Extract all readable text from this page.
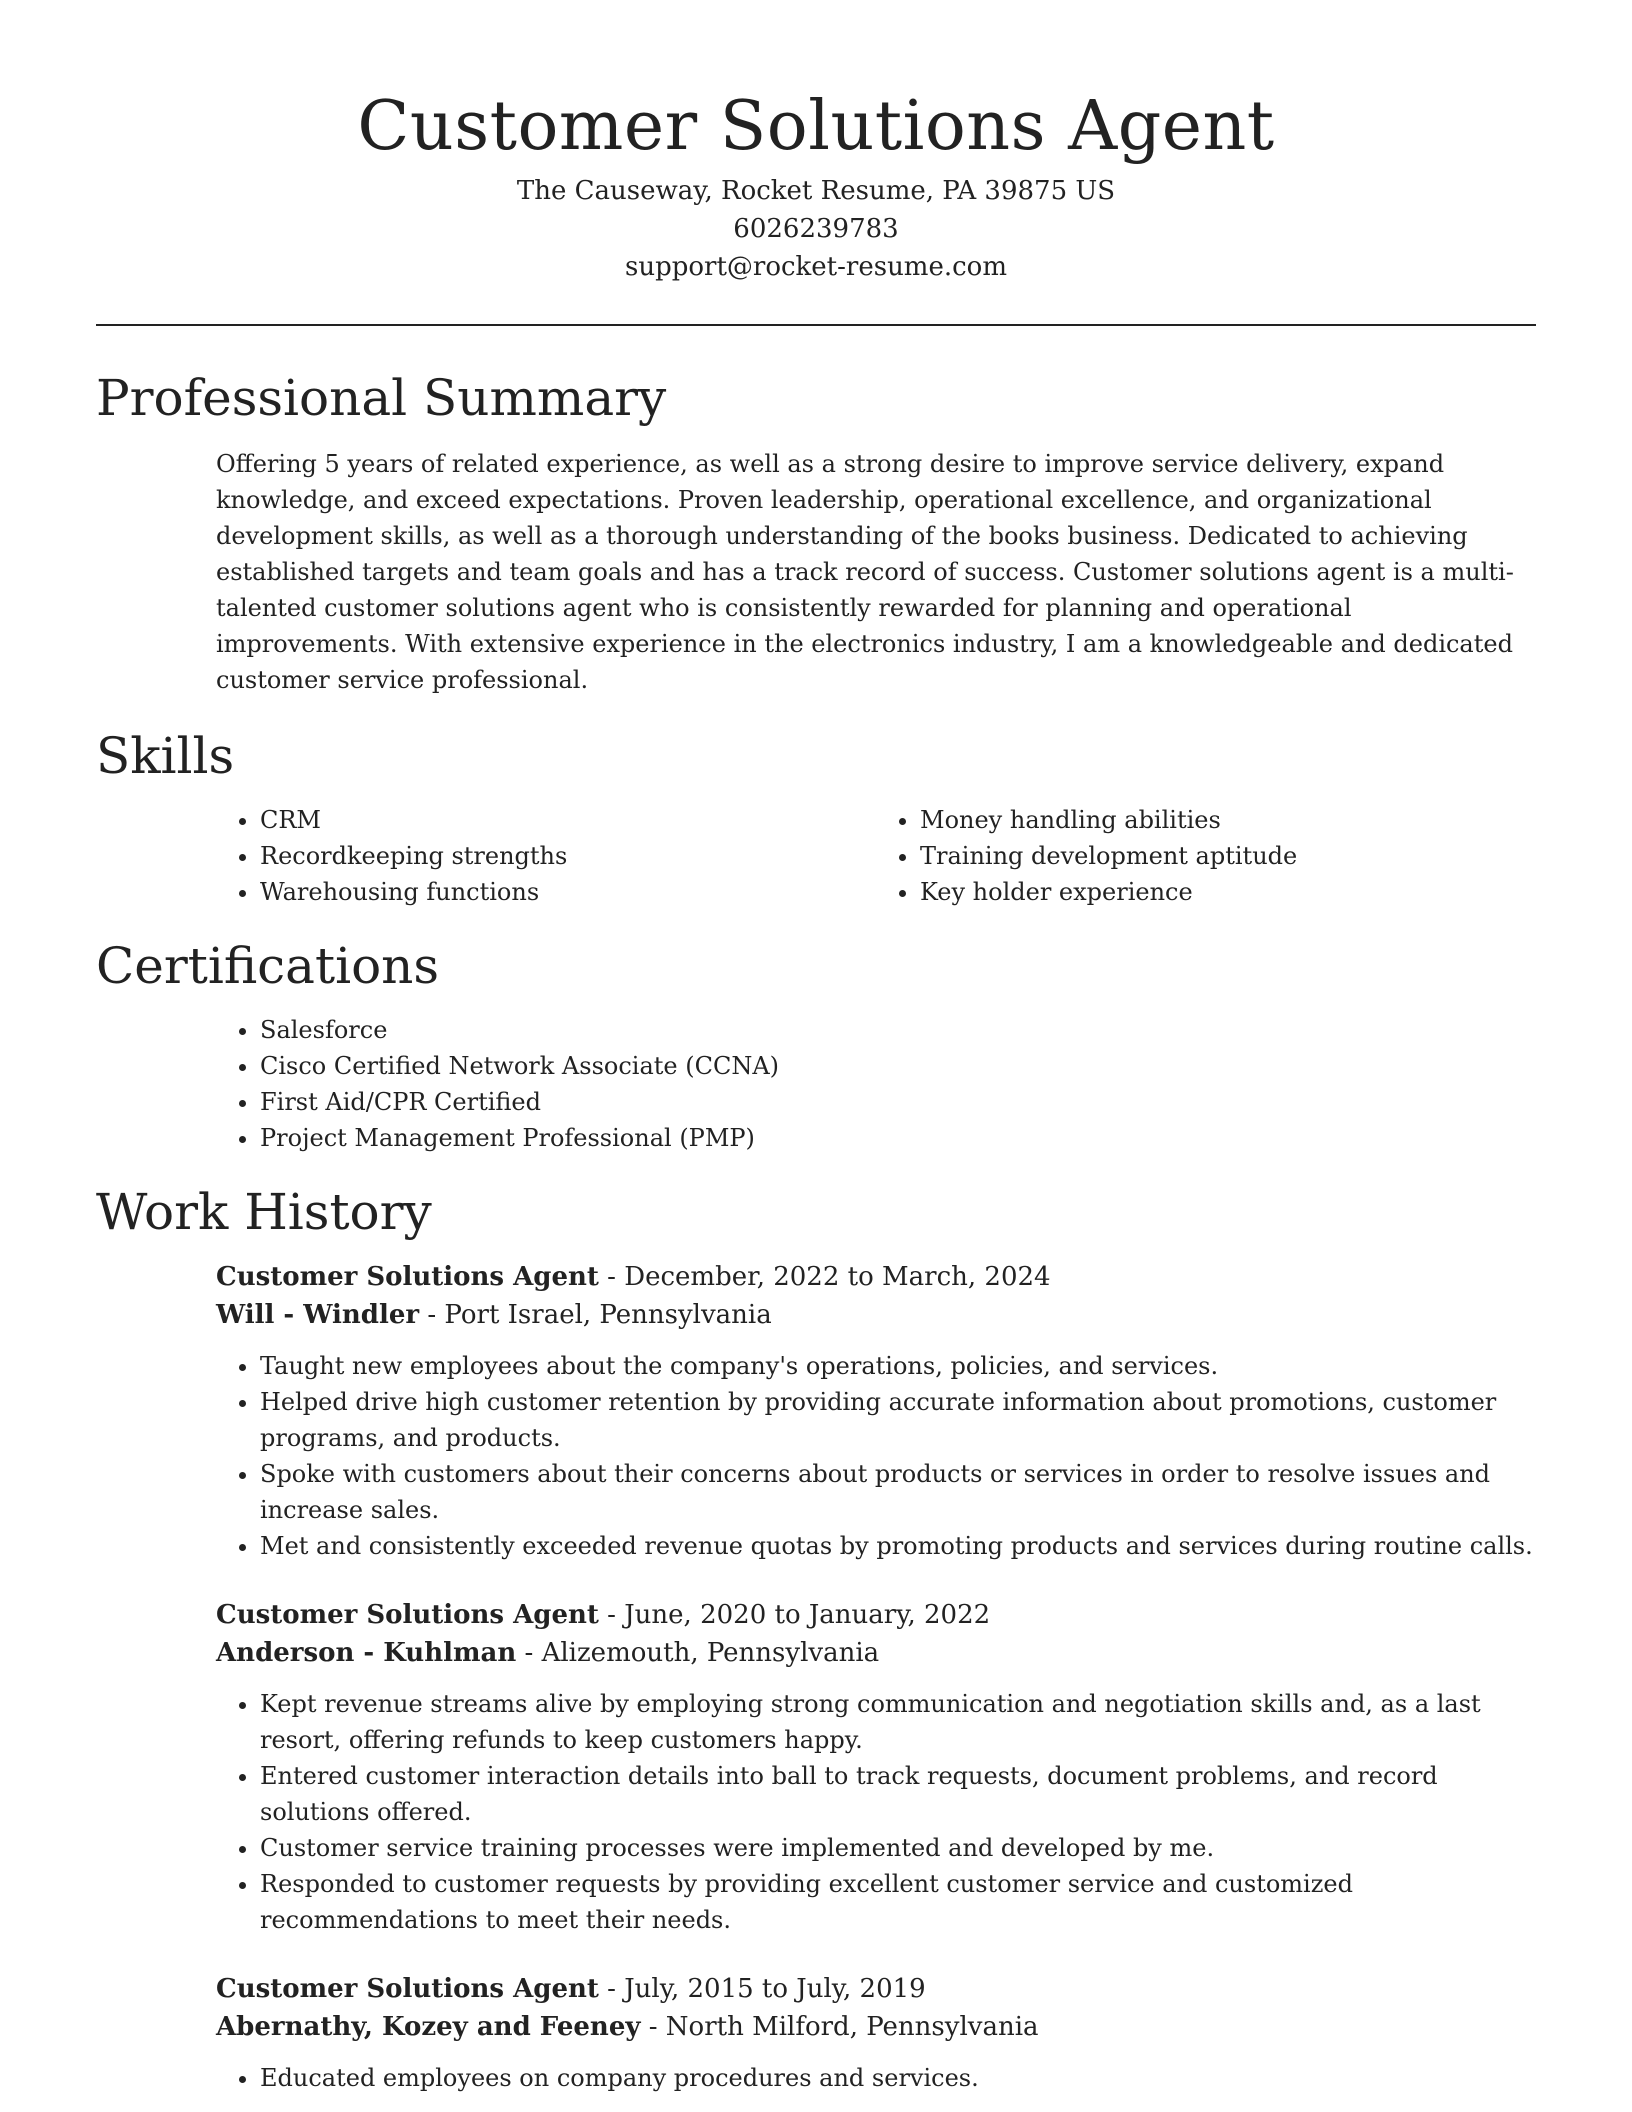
Customer Solutions Agent
The Causeway, Rocket Resume, PA 39875 US
6026239783
support@rocket-resume.com
Professional Summary
Offering 5 years of related experience, as well as a strong desire to improve service delivery, expand knowledge, and exceed expectations. Proven leadership, operational excellence, and organizational development skills, as well as a thorough understanding of the books business. Dedicated to achieving established targets and team goals and has a track record of success. Customer solutions agent is a multi-talented customer solutions agent who is consistently rewarded for planning and operational improvements. With extensive experience in the electronics industry, I am a knowledgeable and dedicated customer service professional.
Skills
• CRM
• Recordkeeping strengths
• Warehousing functions
• Money handling abilities
• Training development aptitude
• Key holder experience
Certifications
• Salesforce
• Cisco Certified Network Associate (CCNA)
• First Aid/CPR Certified
• Project Management Professional (PMP)
Work History
Customer Solutions Agent - December, 2022 to March, 2024
Will - Windler - Port Israel, Pennsylvania
• Taught new employees about the company's operations, policies, and services.
• Helped drive high customer retention by providing accurate information about promotions, customer programs, and products.
• Spoke with customers about their concerns about products or services in order to resolve issues and increase sales.
• Met and consistently exceeded revenue quotas by promoting products and services during routine calls.
Customer Solutions Agent - June, 2020 to January, 2022
Anderson - Kuhlman - Alizemouth, Pennsylvania
• Kept revenue streams alive by employing strong communication and negotiation skills and, as a last resort, offering refunds to keep customers happy.
• Entered customer interaction details into ball to track requests, document problems, and record solutions offered.
• Customer service training processes were implemented and developed by me.
• Responded to customer requests by providing excellent customer service and customized recommendations to meet their needs.
Customer Solutions Agent - July, 2015 to July, 2019
Abernathy, Kozey and Feeney - North Milford, Pennsylvania
• Educated employees on company procedures and services.
